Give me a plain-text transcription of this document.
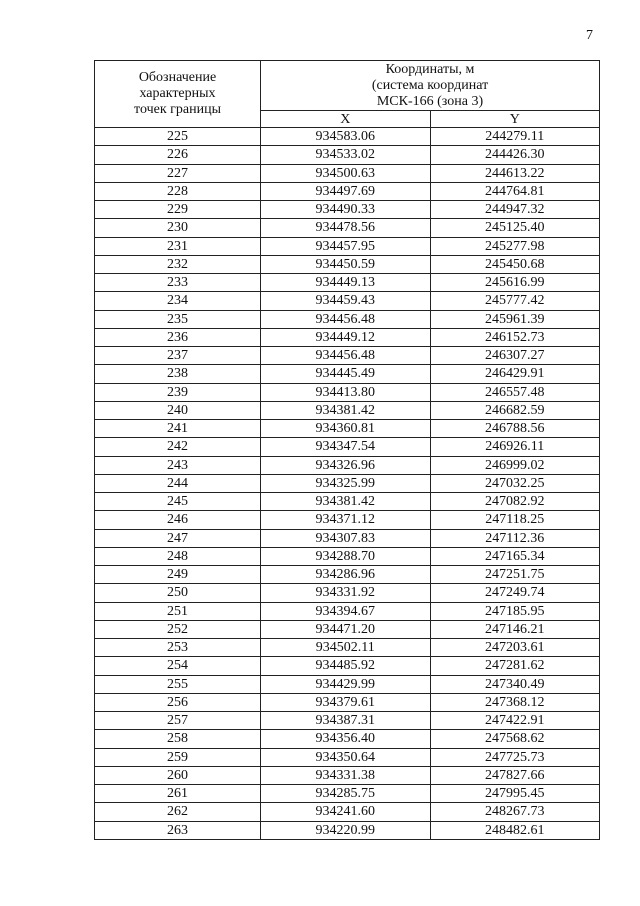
7
Обозначение
характерных
точек границы	Координаты, м
(система координат
МСК-166 (зона 3)	

	X	Y
225	934583.06	244279.11
226	934533.02	244426.30
227	934500.63	244613.22
228	934497.69	244764.81
229	934490.33	244947.32
230	934478.56	245125.40
231	934457.95	245277.98
232	934450.59	245450.68
233	934449.13	245616.99
234	934459.43	245777.42
235	934456.48	245961.39
236	934449.12	246152.73
237	934456.48	246307.27
238	934445.49	246429.91
239	934413.80	246557.48
240	934381.42	246682.59
241	934360.81	246788.56
242	934347.54	246926.11
243	934326.96	246999.02
244	934325.99	247032.25
245	934381.42	247082.92
246	934371.12	247118.25
247	934307.83	247112.36
248	934288.70	247165.34
249	934286.96	247251.75
250	934331.92	247249.74
251	934394.67	247185.95
252	934471.20	247146.21
253	934502.11	247203.61
254	934485.92	247281.62
255	934429.99	247340.49
256	934379.61	247368.12
257	934387.31	247422.91
258	934356.40	247568.62
259	934350.64	247725.73
260	934331.38	247827.66
261	934285.75	247995.45
262	934241.60	248267.73
263	934220.99	248482.61
